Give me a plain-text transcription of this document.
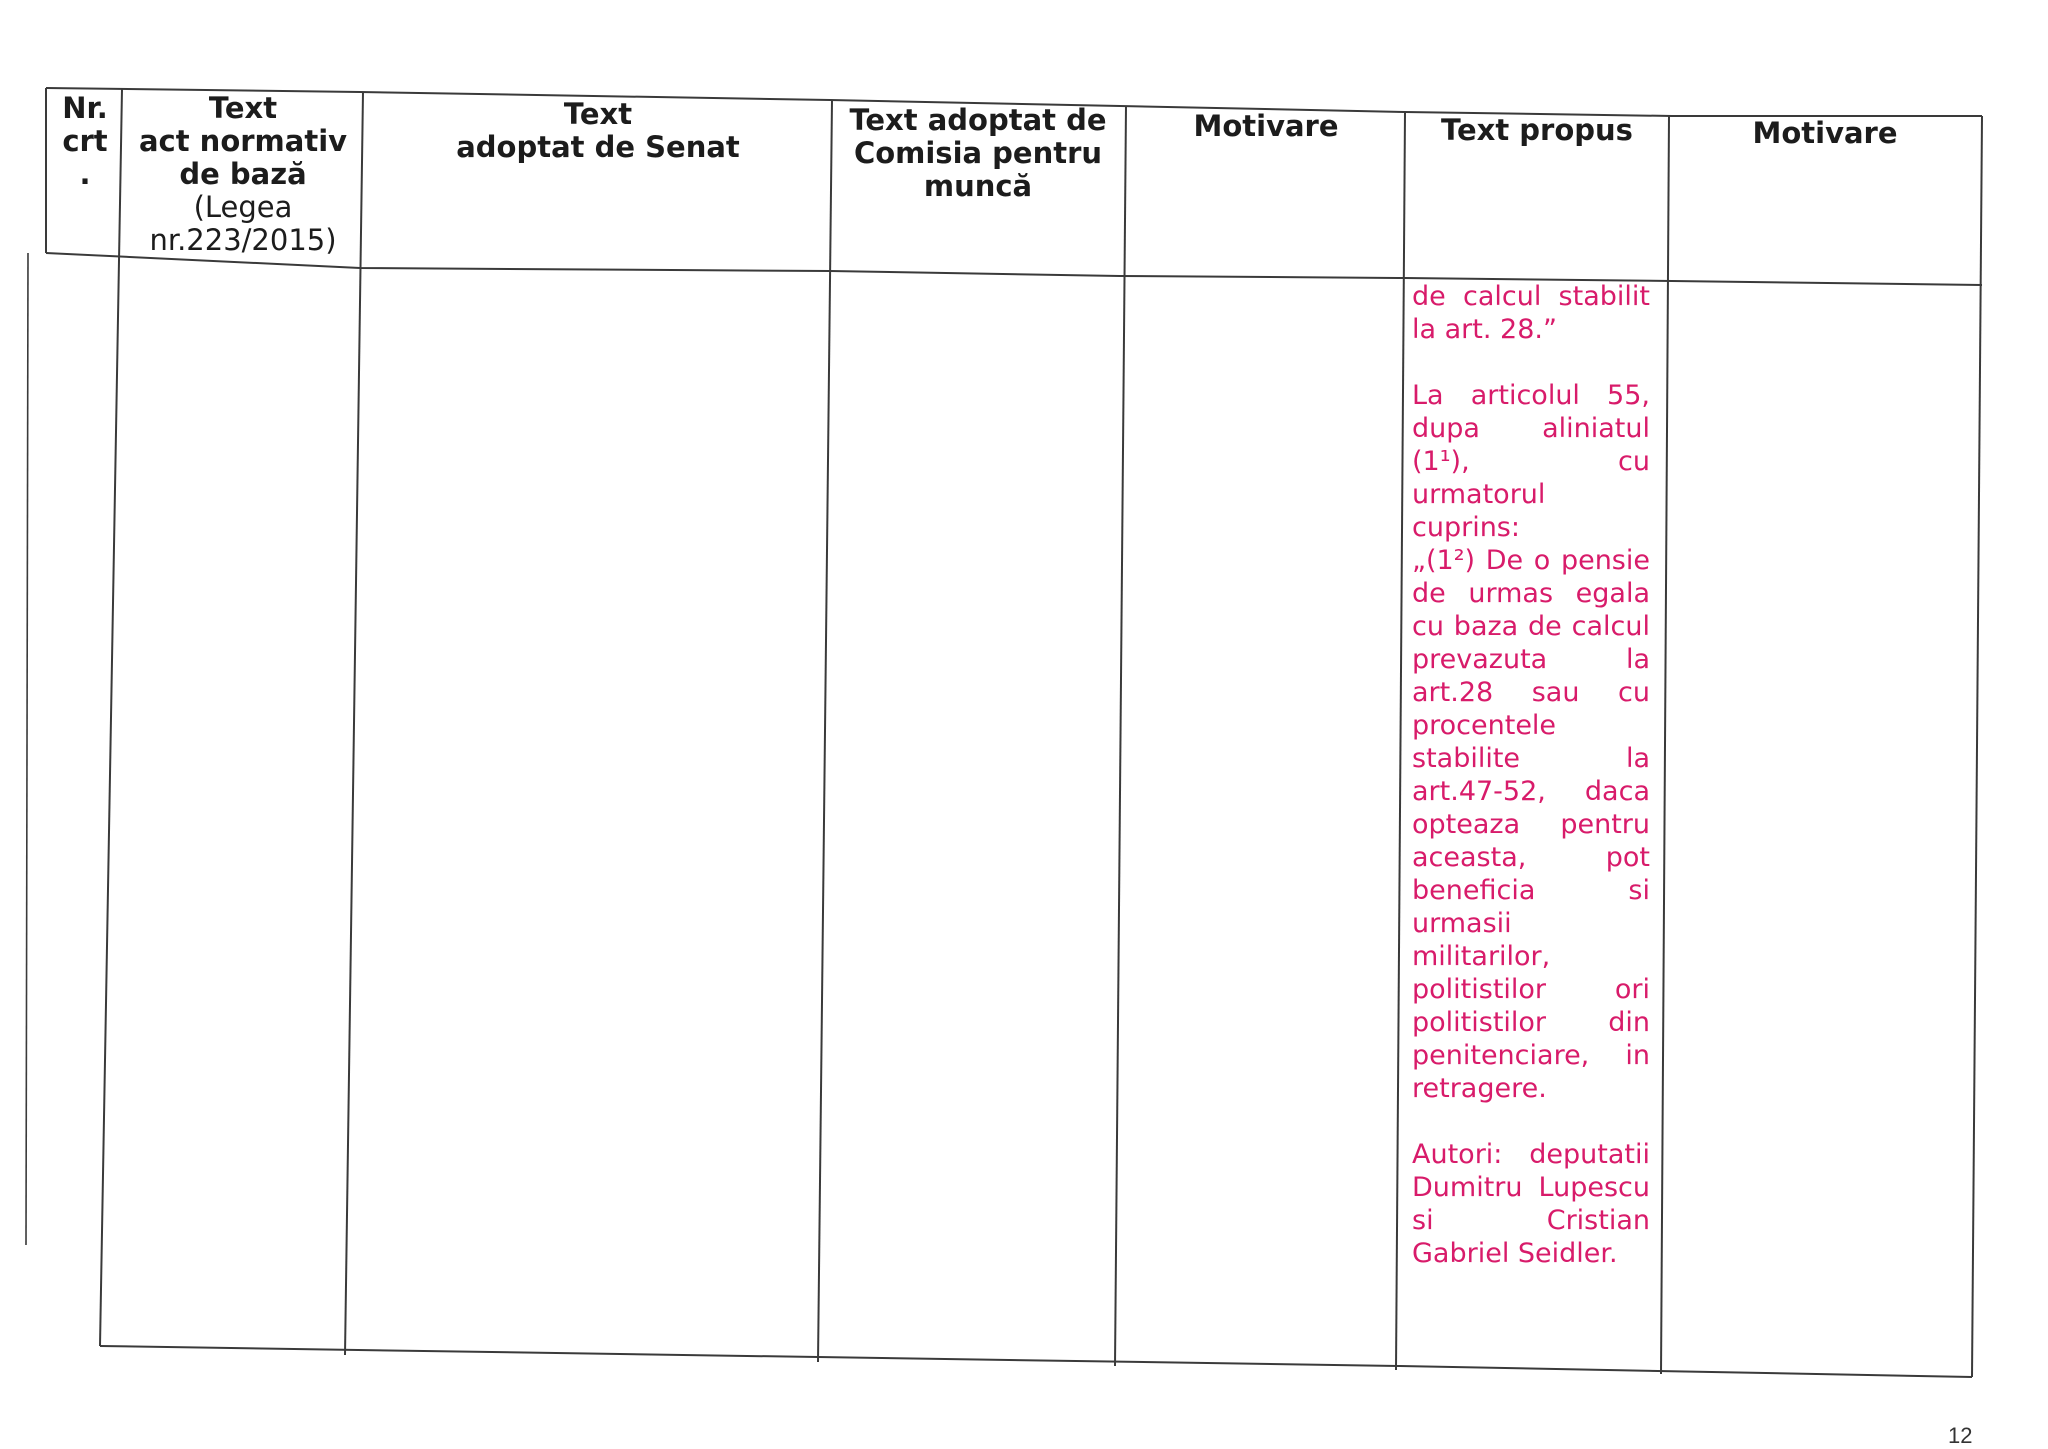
Nr.
crt
.
Text
act normativ
de bază
(Legea
nr.223/2015)
Text
adoptat de Senat
Text adoptat de
Comisia pentru
muncă
Motivare	Text propus	Motivare

de calcul stabilit la art. 28.”

La articolul 55, dupa aliniatul (1¹), cu urmatorul cuprins:

„(1²) De o pensie de urmas egala cu baza de calcul prevazuta la art.28 sau cu procentele stabilite la art.47-52, daca opteaza pentru aceasta, pot beneficia si urmasii militarilor, politistilor ori politistilor din penitenciare, in retragere.

Autori: deputatii Dumitru Lupescu si Cristian Gabriel Seidler.

12
